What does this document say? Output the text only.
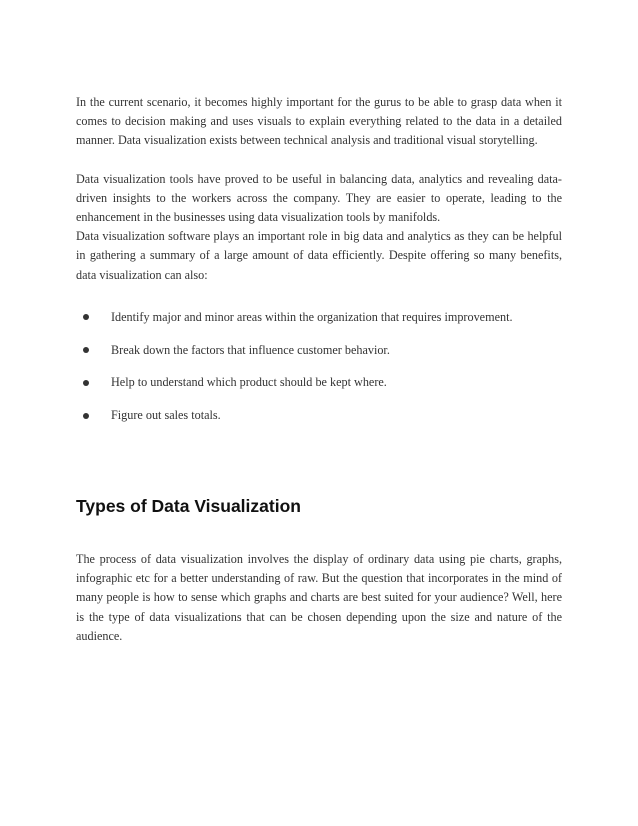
In the current scenario, it becomes highly important for the gurus to be able to grasp data when it comes to decision making and uses visuals to explain everything related to the data in a detailed manner. Data visualization exists between technical analysis and traditional visual storytelling.

Data visualization tools have proved to be useful in balancing data, analytics and revealing data-driven insights to the workers across the company. They are easier to operate, leading to the enhancement in the businesses using data visualization tools by manifolds.

Data visualization software plays an important role in big data and analytics as they can be helpful in gathering a summary of a large amount of data efficiently. Despite offering so many benefits, data visualization can also:

Identify major and minor areas within the organization that requires improvement.
Break down the factors that influence customer behavior.
Help to understand which product should be kept where.
Figure out sales totals.
Types of Data Visualization

The process of data visualization involves the display of ordinary data using pie charts, graphs, infographic etc for a better understanding of raw. But the question that incorporates in the mind of many people is how to sense which graphs and charts are best suited for your audience? Well, here is the type of data visualizations that can be chosen depending upon the size and nature of the audience.
